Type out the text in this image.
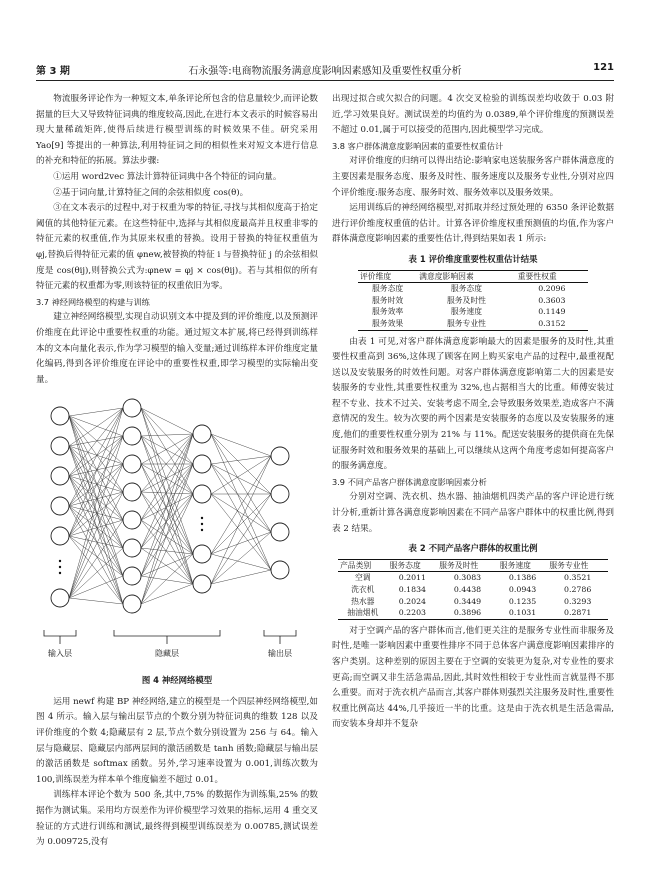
第 3 期	石永强等:电商物流服务满意度影响因素感知及重要性权重分析	121

物流服务评论作为一种短文本,单条评论所包含的信息量较少,而评论数据量的巨大又导致特征词典的维度较高,因此,在进行本文表示的时候容易出现大量稀疏矩阵,使得后续进行模型训练的时候效果不佳。研究采用 Yao[9] 等提出的一种算法,利用特征词之间的相似性来对短文本进行信息的补充和特征的拓展。算法步骤:

①运用 word2vec 算法计算特征词典中各个特征的词向量。

②基于词向量,计算特征之间的余弦相似度 cos(θ)。

③在文本表示的过程中,对于权重为零的特征,寻找与其相似度高于拾定阈值的其他特征元素。在这些特征中,选择与其相似度最高并且权重非零的特征元素的权重值,作为其原来权重的替换。设用于替换的特征权重值为 φj,替换后得特征元素的值 φnew,被替换的特征 i 与替换特征 j 的余弦相似度是 cos(θij),则替换公式为:φnew = φj × cos(θij)。若与其相似的所有特征元素的权重都为零,则该特征的权重依旧为零。

3.7 神经网络模型的构建与训练

建立神经网络模型,实现自动识别文本中提及到的评价维度,以及预测评价维度在此评论中重要性权重的功能。通过短文本扩展,将已经得到训练样本的文本向量化表示,作为学习模型的输入变量;通过训练样本评价维度定量化编码,得到各评价维度在评论中的重要性权重,即学习模型的实际输出变量。

输入层	隐藏层	输出层
图 4 神经网络模型

运用 newf 构建 BP 神经网络,建立的模型是一个四层神经网络模型,如图 4 所示。输入层与输出层节点的个数分别为特征词典的维数 128 以及评价维度的个数 4;隐藏层有 2 层,节点个数分别设置为 256 与 64。输入层与隐藏层、隐藏层内部两层间的激活函数是 tanh 函数;隐藏层与输出层的激活函数是 softmax 函数。另外,学习速率设置为 0.001,训练次数为 100,训练误差为样本单个维度偏差不超过 0.01。

训练样本评论个数为 500 条,其中,75% 的数据作为训练集,25% 的数据作为测试集。采用均方误差作为评价模型学习效果的指标,运用 4 重交叉验证的方式进行训练和测试,最终得到模型训练误差为 0.00785,测试误差为 0.009725,没有

出现过拟合或欠拟合的问题。4 次交叉检验的训练误差均收敛于 0.03 附近,学习效果良好。测试误差的均值约为 0.0389,单个评价维度的预测误差不超过 0.01,属于可以接受的范围内,因此模型学习完成。

3.8 客户群体满意度影响因素的重要性权重估计

对评价维度的归纳可以得出结论:影响家电送装服务客户群体满意度的主要因素是服务态度、服务及时性、服务速度以及服务专业性,分别对应四个评价维度:服务态度、服务时效、服务效率以及服务效果。

运用训练后的神经网络模型,对抓取并经过预处理的 6350 条评论数据进行评价维度权重值的估计。计算各评价维度权重预测值的均值,作为客户群体满意度影响因素的重要性估计,得到结果如表 1 所示:

表 1 评价维度重要性权重估计结果
评价维度	满意度影响因素	重要性权重
服务态度	服务态度	0.2096
服务时效	服务及时性	0.3603
服务效率	服务速度	0.1149
服务效果	服务专业性	0.3152

由表 1 可见,对客户群体满意度影响最大的因素是服务的及时性,其重要性权重高到 36%,这体现了顾客在网上购买家电产品的过程中,最重视配送以及安装服务的时效性问题。对客户群体满意度影响第二大的因素是安装服务的专业性,其重要性权重为 32%,也占据相当大的比重。师傅安装过程不专业、技术不过关、安装考虑不周全,会导致服务效果差,造成客户不满意情况的发生。较为次要的两个因素是安装服务的态度以及安装服务的速度,他们的重要性权重分别为 21% 与 11%。配送安装服务的提供商在先保证服务时效和服务效果的基础上,可以继续从这两个角度考虑如何提高客户的服务满意度。

3.9 不同产品客户群体满意度影响因素分析

分别对空调、洗衣机、热水器、抽油烟机四类产品的客户评论进行统计分析,重新计算各满意度影响因素在不同产品客户群体中的权重比例,得到表 2 结果。

表 2 不同产品客户群体的权重比例
产品类别	服务态度	服务及时性	服务速度	服务专业性
空调	0.2011	0.3083	0.1386	0.3521
洗衣机	0.1834	0.4438	0.0943	0.2786
热水器	0.2024	0.3449	0.1235	0.3293
抽油烟机	0.2203	0.3896	0.1031	0.2871

对于空调产品的客户群体而言,他们更关注的是服务专业性而非服务及时性,是唯一影响因素中重要性排序不同于总体客户满意度影响因素排序的客户类别。这种差别的原因主要在于空调的安装更为复杂,对专业性的要求更高;而空调又非生活急需品,因此,其时效性相较于专业性而言就显得不那么重要。而对于洗衣机产品而言,其客户群体则强烈关注服务及时性,重要性权重比例高达 44%,几乎接近一半的比重。这是由于洗衣机是生活急需品,而安装本身却并不复杂
